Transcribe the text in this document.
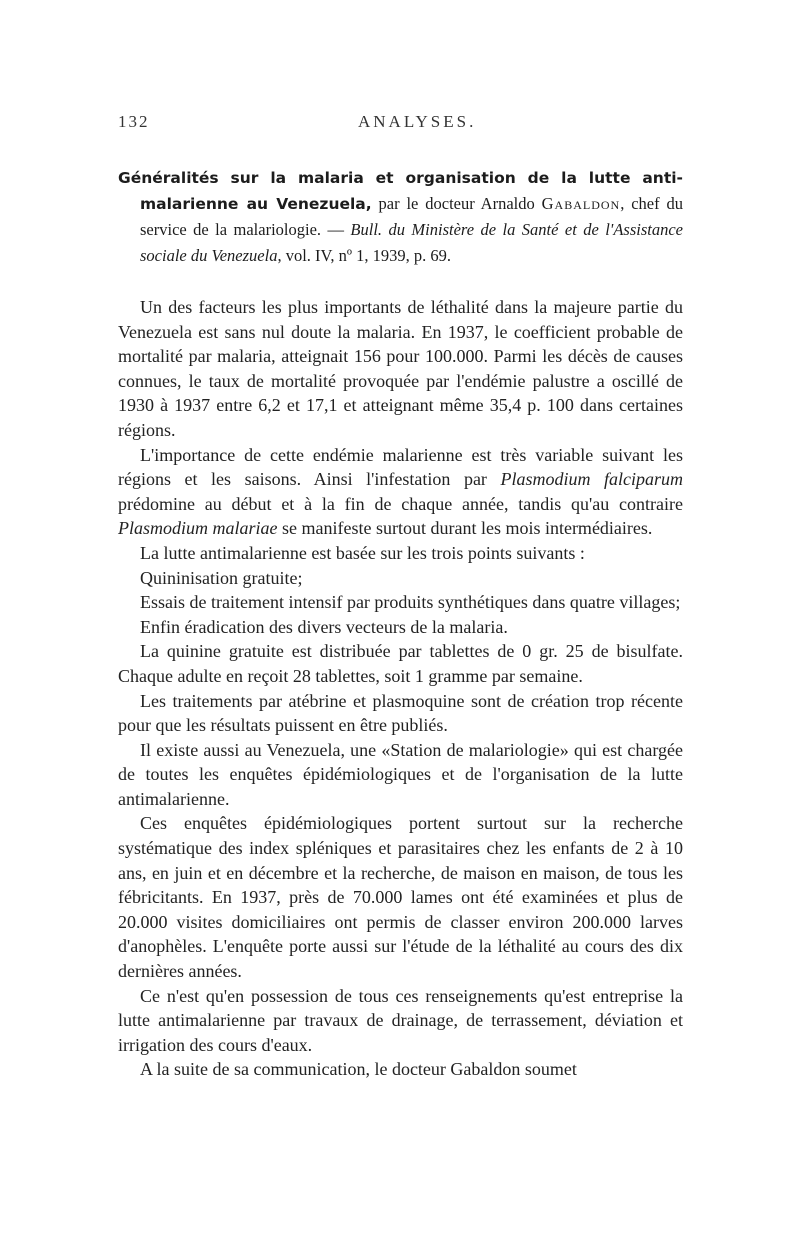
132	ANALYSES.
Généralités sur la malaria et organisation de la lutte anti-malarienne au Venezuela, par le docteur Arnaldo Gabaldon, chef du service de la malariologie. — Bull. du Ministère de la Santé et de l'Assistance sociale du Venezuela, vol. IV, nº 1, 1939, p. 69.

Un des facteurs les plus importants de léthalité dans la majeure partie du Venezuela est sans nul doute la malaria. En 1937, le coefficient probable de mortalité par malaria, atteignait 156 pour 100.000. Parmi les décès de causes connues, le taux de mortalité provoquée par l'endémie palustre a oscillé de 1930 à 1937 entre 6,2 et 17,1 et atteignant même 35,4 p. 100 dans certaines régions.

L'importance de cette endémie malarienne est très variable suivant les régions et les saisons. Ainsi l'infestation par Plasmodium falciparum prédomine au début et à la fin de chaque année, tandis qu'au contraire Plasmodium malariae se manifeste surtout durant les mois intermédiaires.

La lutte antimalarienne est basée sur les trois points suivants :

Quininisation gratuite;

Essais de traitement intensif par produits synthétiques dans quatre villages;

Enfin éradication des divers vecteurs de la malaria.

La quinine gratuite est distribuée par tablettes de 0 gr. 25 de bisulfate. Chaque adulte en reçoit 28 tablettes, soit 1 gramme par semaine.

Les traitements par atébrine et plasmoquine sont de création trop récente pour que les résultats puissent en être publiés.

Il existe aussi au Venezuela, une «Station de malariologie» qui est chargée de toutes les enquêtes épidémiologiques et de l'organisation de la lutte antimalarienne.

Ces enquêtes épidémiologiques portent surtout sur la recherche systématique des index spléniques et parasitaires chez les enfants de 2 à 10 ans, en juin et en décembre et la recherche, de maison en maison, de tous les fébricitants. En 1937, près de 70.000 lames ont été examinées et plus de 20.000 visites domiciliaires ont permis de classer environ 200.000 larves d'anophèles. L'enquête porte aussi sur l'étude de la léthalité au cours des dix dernières années.

Ce n'est qu'en possession de tous ces renseignements qu'est entreprise la lutte antimalarienne par travaux de drainage, de terrassement, déviation et irrigation des cours d'eaux.

A la suite de sa communication, le docteur Gabaldon soumet
